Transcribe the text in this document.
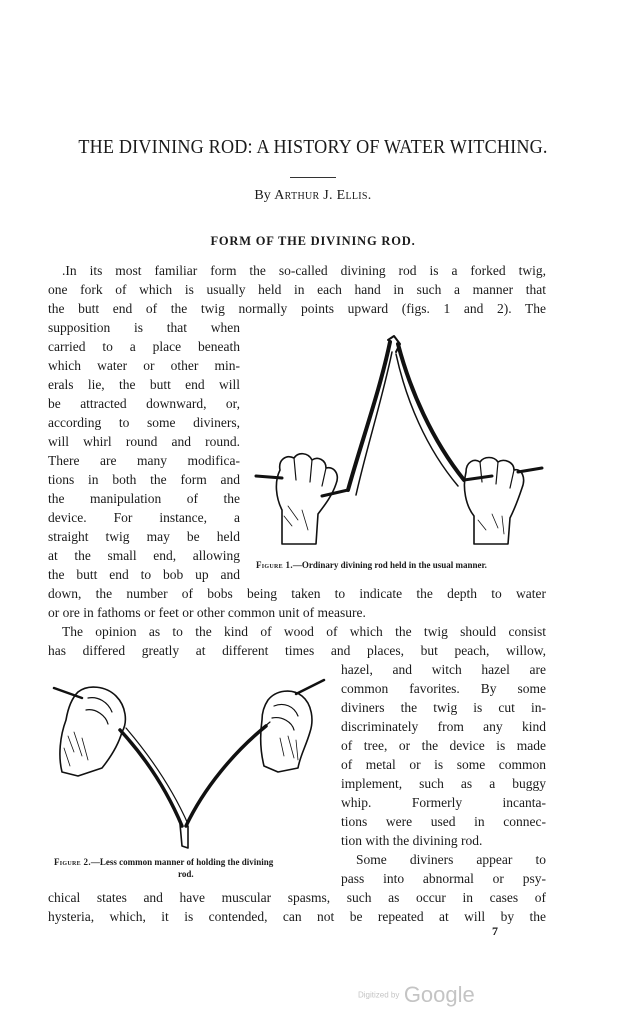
THE DIVINING ROD: A HISTORY OF WATER WITCHING.
By Arthur J. Ellis.
FORM OF THE DIVINING ROD.
.In its most familiar form the so-called divining rod is a forked twig,
one fork of which is usually held in each hand in such a manner that
the butt end of the twig normally points upward (figs. 1 and 2). The
supposition is that when
carried to a place beneath
which water or other min-
erals lie, the butt end will
be attracted downward, or,
according to some diviners,
will whirl round and round.
There are many modifica-
tions in both the form and
the manipulation of the
device. For instance, a
straight twig may be held
at the small end, allowing
the butt end to bob up and
Figure 1.—Ordinary divining rod held in the usual manner.
down, the number of bobs being taken to indicate the depth to water
or ore in fathoms or feet or other common unit of measure.
The opinion as to the kind of wood of which the twig should consist
has differed greatly at different times and places, but peach, willow,
Figure 2.—Less common manner of holding the divining
rod.
hazel, and witch hazel are
common favorites. By some
diviners the twig is cut in-
discriminately from any kind
of tree, or the device is made
of metal or is some common
implement, such as a buggy
whip. Formerly incanta-
tions were used in connec-
tion with the divining rod.
Some diviners appear to
pass into abnormal or psy-
chical states and have muscular spasms, such as occur in cases of
hysteria, which, it is contended, can not be repeated at will by the
7
Digitized by Google
